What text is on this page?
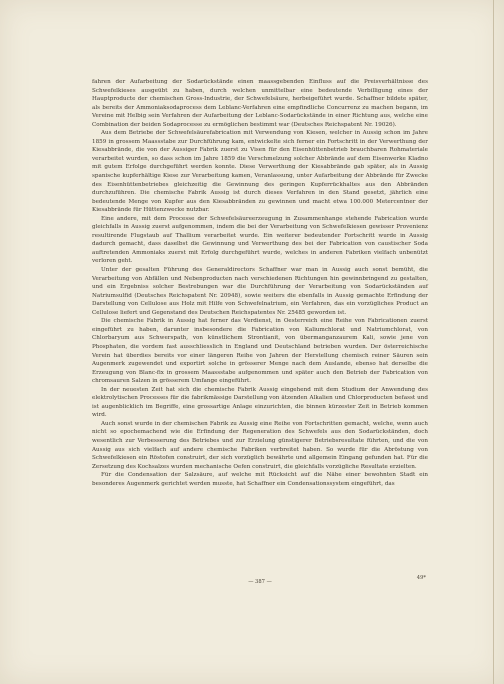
fahren der Aufarbeitung der Sodarückstände einen maassgebenden Einfluss auf die Preisverhältnisse des Schwefelkieses ausgeübt zu haben, durch welchen unmittelbar eine bedeutende Verbilligung eines der Hauptproducte der chemischen Gross-Industrie, der Schwefelsäure, herbeigeführt wurde. Schaffner bildete später, als bereits der Ammoniaksodaprocess dem Leblanc-Verfahren eine empfindliche Concurrenz zu machen begann, im Vereine mit Helbig sein Verfahren der Aufarbeitung der Leblanc-Sodarückstände in einer Richtung aus, welche eine Combination der beiden Sodaprocesse zu ermöglichen bestimmt war (Deutsches Reichspatent Nr. 19026).

Aus dem Betriebe der Schwefelsäurefabrication mit Verwendung von Kiesen, welcher in Aussig schon im Jahre 1859 in grossem Maassstabe zur Durchführung kam, entwickelte sich ferner ein Fortschritt in der Verwerthung der Kiesabbrände, die von der Aussiger Fabrik zuerst zu Visen für den Eisenhüttenbetrieb brauchbaren Rohmateriale verarbeitet wurden, so dass schon im Jahre 1859 die Verschmelzung solcher Abbrände auf dem Eisenwerke Kladno mit gutem Erfolge durchgeführt werden konnte. Diese Verwerthung der Kiesabbrände gab später, als in Aussig spanische kupferhältige Kiese zur Verarbeitung kamen, Veranlassung, unter Aufarbeitung der Abbrände für Zwecke des Eisenhüttenbetriebes gleichzeitig die Gewinnung des geringen Kupferrückhaltes aus den Abbränden durchzuführen. Die chemische Fabrik Aussig ist durch dieses Verfahren in den Stand gesetzt, jährlich eine bedeutende Menge von Kupfer aus den Kiesabbränden zu gewinnen und macht etwa 100.000 Metercentner der Kiesabbrände für Hüttenzwecke nutzbar.

Eine andere, mit dem Processe der Schwefelsäureerzeugung in Zusammenhange stehende Fabrication wurde gleichfalls in Aussig zuerst aufgenommen, indem die bei der Verarbeitung von Schwefelkiesen gewisser Provenienz resultirende Flugstaub auf Thallium verarbeitet wurde. Ein weiterer bedeutender Fortschritt wurde in Aussig dadurch gemacht, dass daselbst die Gewinnung und Verwerthung des bei der Fabrication von caustischer Soda auftretenden Ammoniaks zuerst mit Erfolg durchgeführt wurde, welches in anderen Fabriken vielfach unbenützt verloren geht.

Unter der gesalten Führung des Generaldirectors Schaffner war man in Aussig auch sonst bemüht, die Verarbeitung von Abfällen und Nebenproducten nach verschiedenen Richtungen hin gewinnbringend zu gestalten, und ein Ergebniss solcher Bestrebungen war die Durchführung der Verarbeitung von Sodarückständen auf Natriumsulfid (Deutsches Reichspatent Nr. 20948), sowie weiters die ebenfalls in Aussig gemachte Erfindung der Darstellung von Cellulose aus Holz mit Hilfe von Schwefelnatrium, ein Verfahren, das ein vorzügliches Product an Cellulose liefert und Gegenstand des Deutschen Reichspatentes Nr. 25485 geworden ist.

Die chemische Fabrik in Aussig hat ferner das Verdienst, in Oesterreich eine Reihe von Fabricationen zuerst eingeführt zu haben, darunter insbesondere die Fabrication von Kaliumchlorat und Natriumchlorat, von Chlorbaryum aus Schwerspath, von künstlichem Strontianit, von übermanganzaurem Kali, sowie jene von Phosphaten, die vordem fast ausschliesslich in England und Deutschland betrieben wurden. Der österreichische Verein hat überdies bereits vor einer längeren Reihe von Jahren der Herstellung chemisch reiner Säuren sein Augenmerk zugewendet und exportirt solche in grösserer Menge nach dem Auslande, ebenso hat derselbe die Erzeugung von Blanc-fix in grossem Maassstabe aufgenommen und später auch den Betrieb der Fabrication von chromsauren Salzen in grösserem Umfange eingeführt.

In der neuesten Zeit hat sich die chemische Fabrik Aussig eingehend mit dem Studium der Anwendung des elektrolytischen Processes für die fabrikmässige Darstellung von ätzenden Alkalien und Chlorproducten befasst und ist augenblicklich im Begriffe, eine grossartige Anlage einzurichten, die binnen kürzester Zeit in Betrieb kommen wird.

Auch sonst wurde in der chemischen Fabrik zu Aussig eine Reihe von Fortschritten gemacht, welche, wenn auch nicht so epochemachend wie die Erfindung der Regeneration des Schwefels aus den Sodarückständen, doch wesentlich zur Verbesserung des Betriebes und zur Erzielung günstigerer Betriebsresultate führten, und die von Aussig aus sich vielfach auf andere chemische Fabriken verbreitet haben. So wurde für die Abröstung von Schwefelkiesen ein Röstofen construirt, der sich vorzüglich bewährte und allgemein Eingang gefunden hat. Für die Zersetzung des Kochsalzes wurden mechanische Oefen construirt, die gleichfalls vorzügliche Resultate erzielten.

Für die Condensation der Salzsäure, auf welche mit Rücksicht auf die Nähe einer bewohnten Stadt ein besonderes Augenmerk gerichtet werden musste, hat Schaffner ein Condensationssystem eingeführt, das

— 387 —
49*
